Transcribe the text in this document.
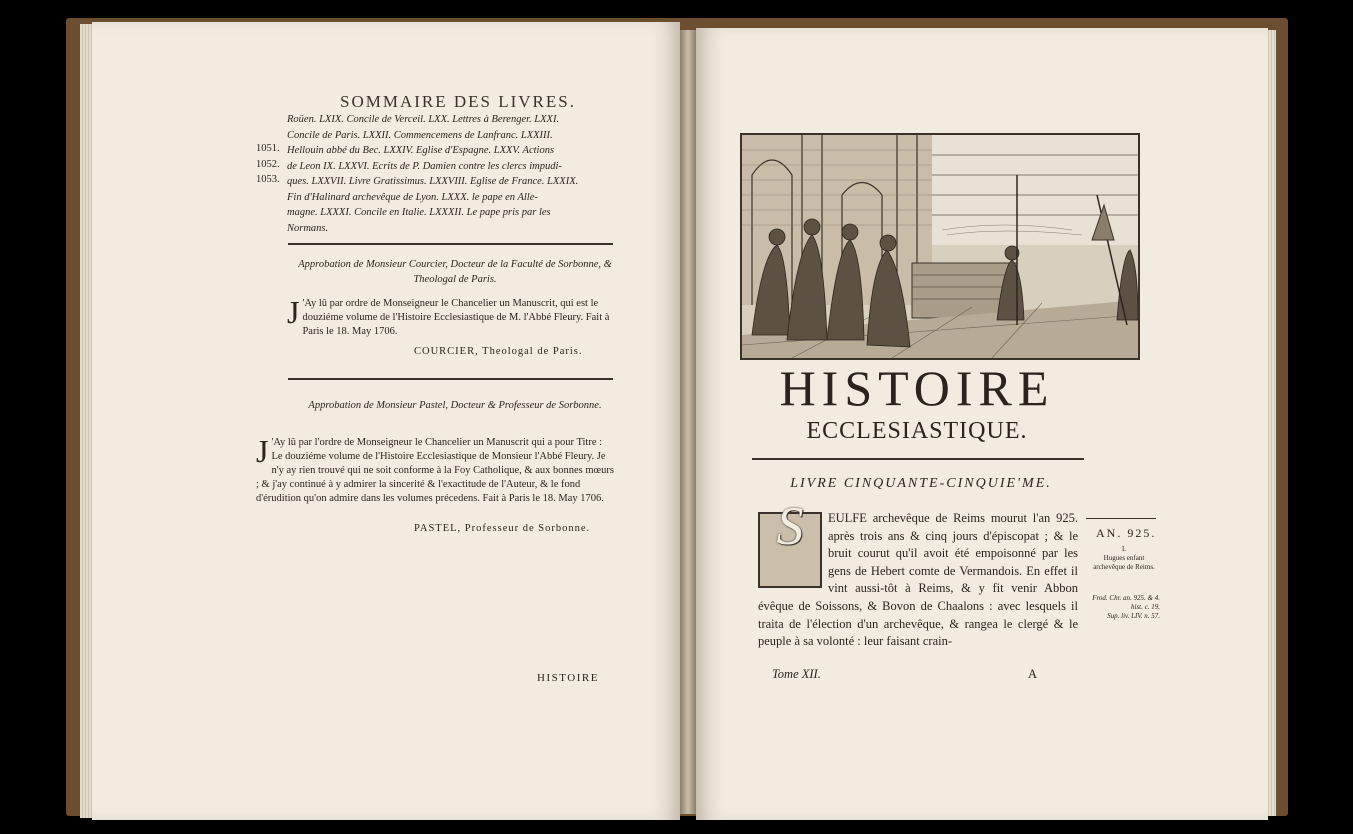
SOMMAIRE DES LIVRES.
Roüen. LXIX. Concile de Verceil. LXX. Lettres à Berenger. LXXI.
Concile de Paris. LXXII. Commencemens de Lanfranc. LXXIII.
Hellouin abbé du Bec. LXXIV. Eglise d'Espagne. LXXV. Actions
de Leon IX. LXXVI. Ecrits de P. Damien contre les clercs impudi-
ques. LXXVII. Livre Gratissimus. LXXVIII. Eglise de France. LXXIX.
Fin d'Halinard archevêque de Lyon. LXXX. le pape en Alle-
magne. LXXXI. Concile en Italie. LXXXII. Le pape pris par les
Normans.
1051.
1052.
1053.
Approbation de Monsieur Courcier, Docteur de la Faculté de Sorbonne, & Theologal de Paris.
J 'Ay lû par ordre de Monseigneur le Chancelier un Manuscrit, qui est le douziéme volume de l'Histoire Ecclesiastique de M. l'Abbé Fleury. Fait à Paris le 18. May 1706.
COURCIER, Theologal de Paris.
Approbation de Monsieur Pastel, Docteur & Professeur de Sorbonne.
J 'Ay lû par l'ordre de Monseigneur le Chancelier un Manuscrit qui a pour Titre : Le douziéme volume de l'Histoire Ecclesiastique de Monsieur l'Abbé Fleury. Je n'y ay rien trouvé qui ne soit conforme à la Foy Catholique, & aux bonnes mœurs ; & j'ay continué à y admirer la sincerité & l'exactitude de l'Auteur, & le fond d'érudition qu'on admire dans les volumes précedens. Fait à Paris le 18. May 1706.
PASTEL, Professeur de Sorbonne.
HISTOIRE
HISTOIRE
ECCLESIASTIQUE.
LIVRE CINQUANTE-CINQUIE'ME.
S	EULFE archevêque de Reims mourut l'an 925. après trois ans & cinq jours d'épiscopat ; & le bruit courut qu'il avoit été empoisonné par les gens de Hebert comte de Vermandois. En effet il vint aussi-tôt à Reims, & y fit venir Abbon évêque de Soissons, & Bovon de Chaalons : avec lesquels il traita de l'élection d'un archevêque, & rangea le clergé & le peuple à sa volonté : leur faisant crain-
Tome XII.	A
AN. 925.
I.
Hugues enfant archevêque de Reims.
Frod. Chr. an. 925. & 4. hist. c. 19.
Sup. liv. LIV. n. 57.
